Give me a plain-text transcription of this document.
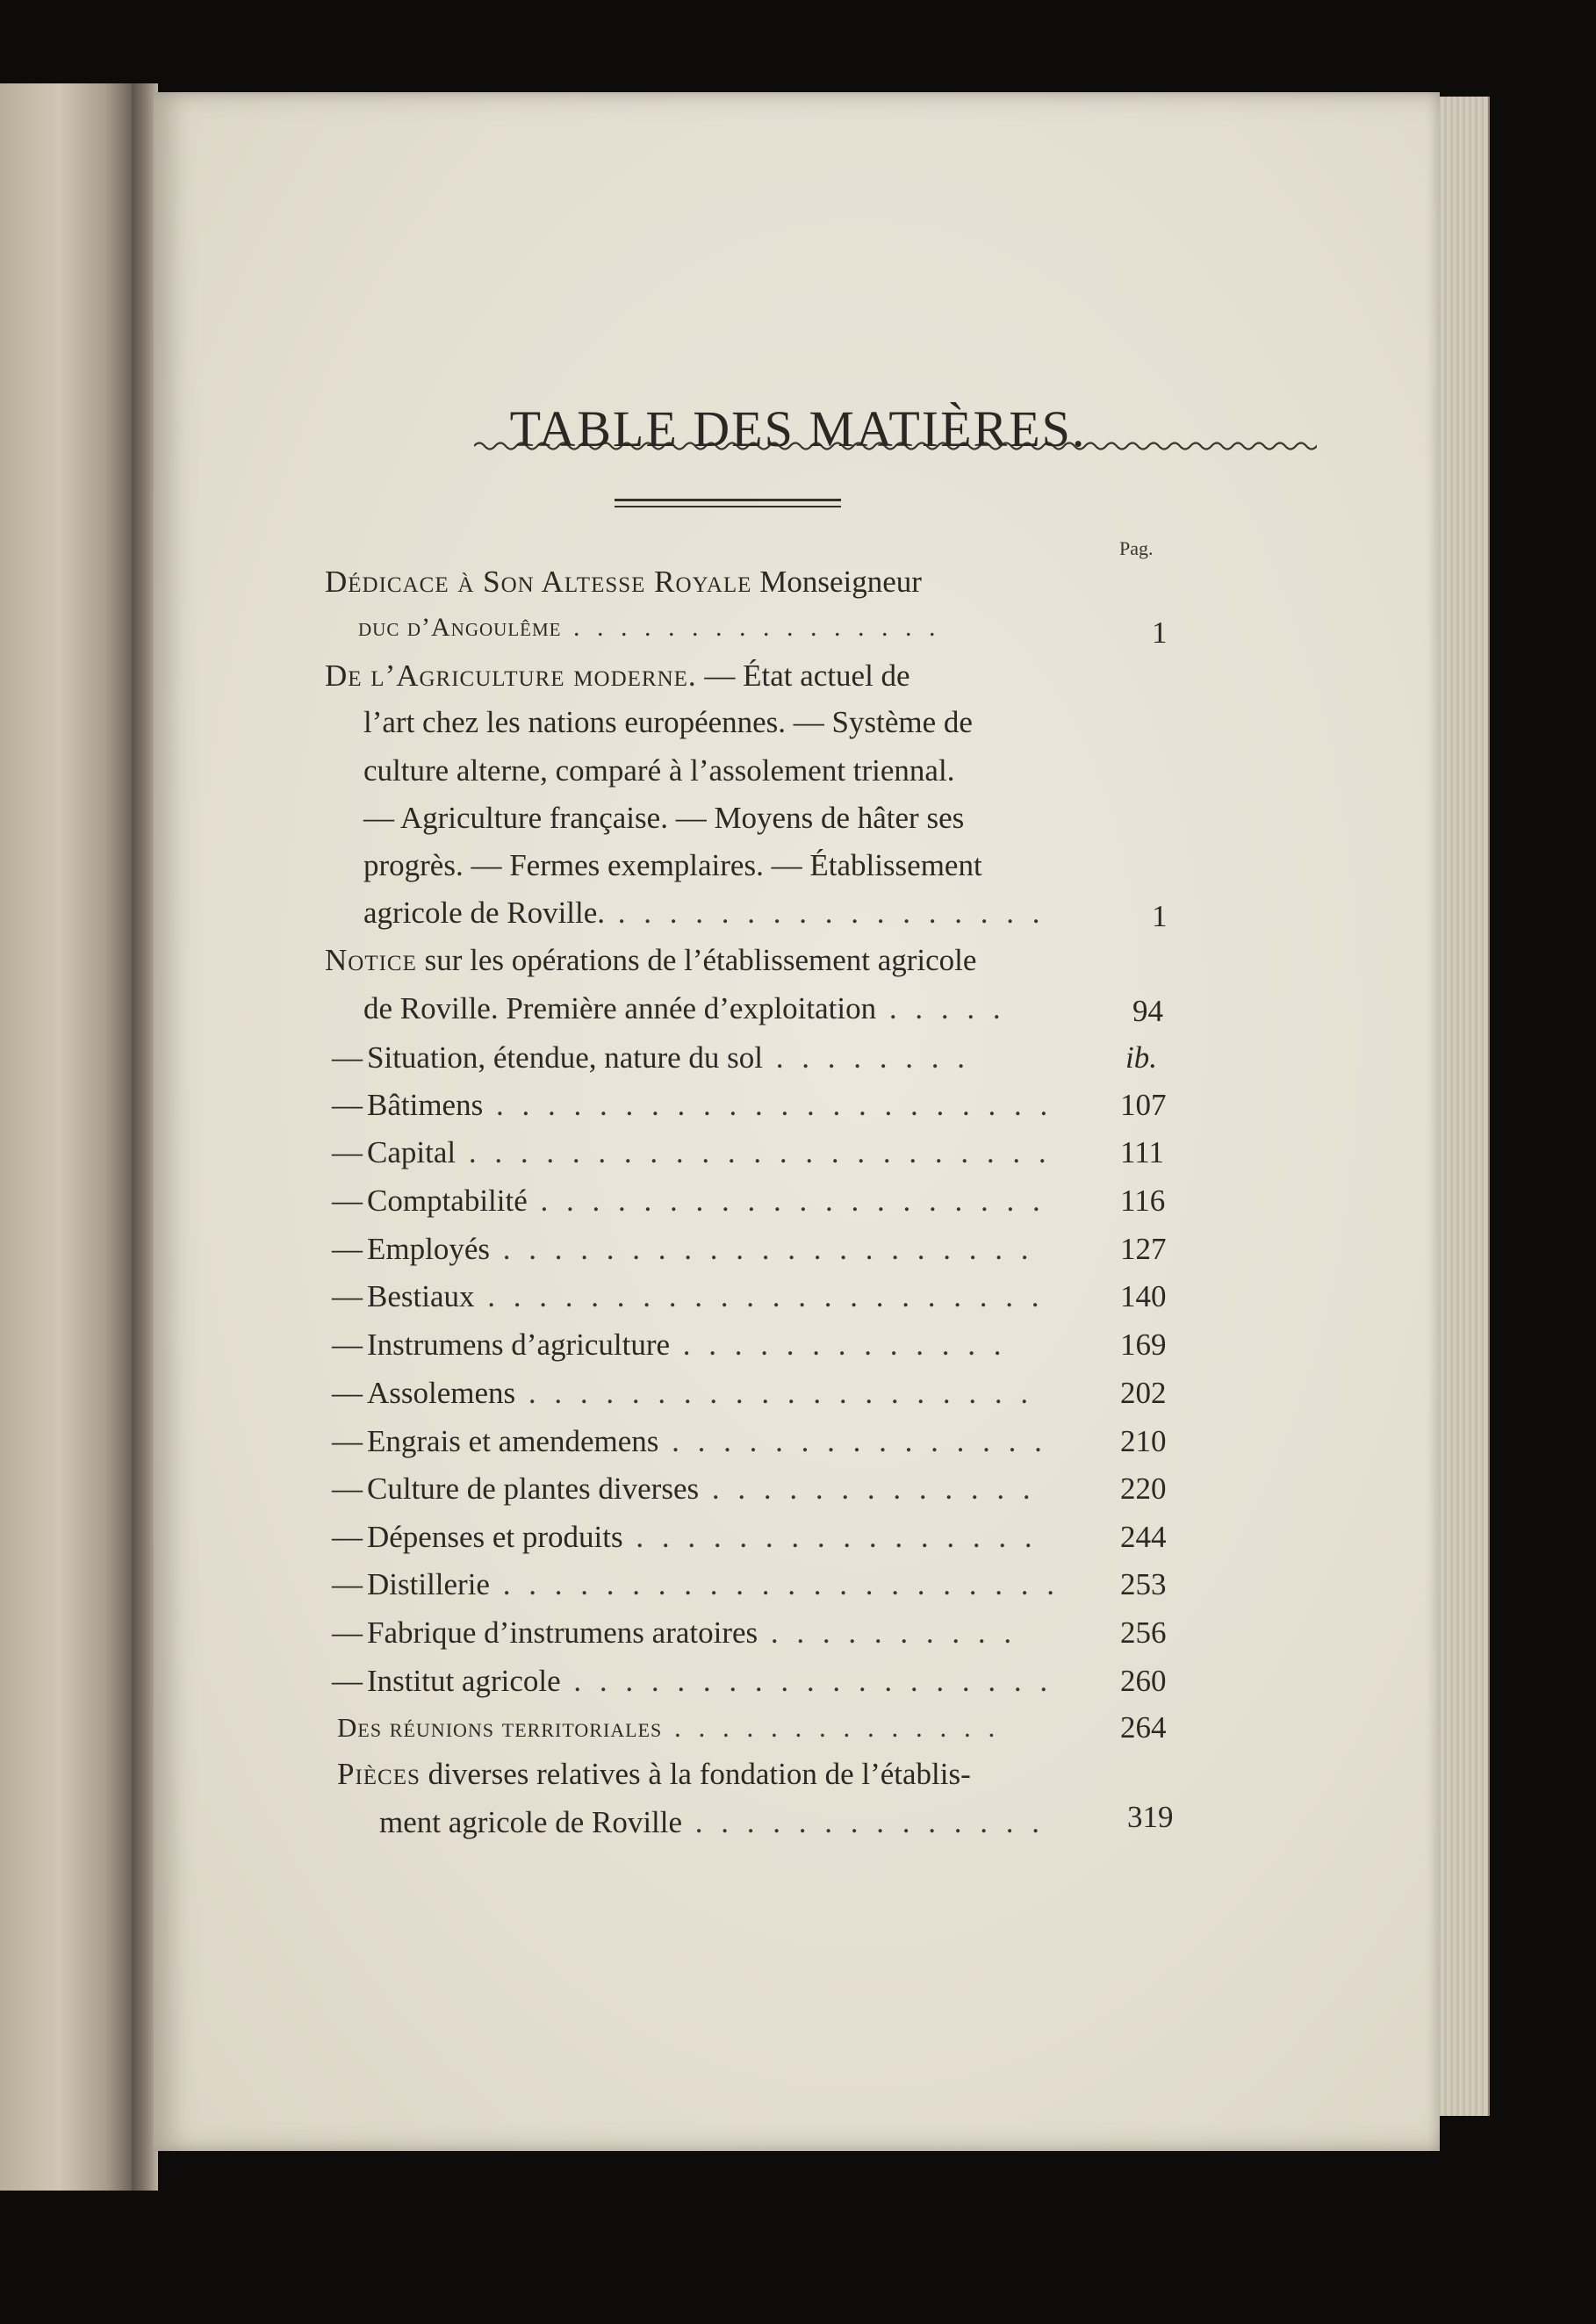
TABLE DES MATIÈRES.
Pag.
Dédicace à Son Altesse Royale Monseigneur
duc d’Angoulême . . . . . . . . . . . . . . . .	1
De l’Agriculture moderne. — État actuel de
l’art chez les nations européennes. — Système de
culture alterne, comparé à l’assolement triennal.
— Agriculture française. — Moyens de hâter ses
progrès. — Fermes exemplaires. — Établissement
agricole de Roville. . . . . . . . . . . . . . . . . .	1
Notice sur les opérations de l’établissement agricole
de Roville. Première année d’exploitation . . . . .	94
— Situation, étendue, nature du sol . . . . . . . .	ib.
— Bâtimens . . . . . . . . . . . . . . . . . . . . . . 107
— Capital . . . . . . . . . . . . . . . . . . . . . . . 111
— Comptabilité . . . . . . . . . . . . . . . . . . . . 116
— Employés . . . . . . . . . . . . . . . . . . . . .	127
— Bestiaux . . . . . . . . . . . . . . . . . . . . . . 140
— Instrumens d’agriculture . . . . . . . . . . . . .	169
— Assolemens . . . . . . . . . . . . . . . . . . . .	202
— Engrais et amendemens . . . . . . . . . . . . . . . 210
— Culture de plantes diverses . . . . . . . . . . . . .	220
— Dépenses et produits . . . . . . . . . . . . . . . .	244
— Distillerie . . . . . . . . . . . . . . . . . . . . . . 253
— Fabrique d’instrumens aratoires . . . . . . . . . .	256
— Institut agricole . . . . . . . . . . . . . . . . . . . 260
Des réunions territoriales . . . . . . . . . . . . . .	264
Pièces diverses relatives à la fondation de l’établis-
ment agricole de Roville . . . . . . . . . . . . . .	319
